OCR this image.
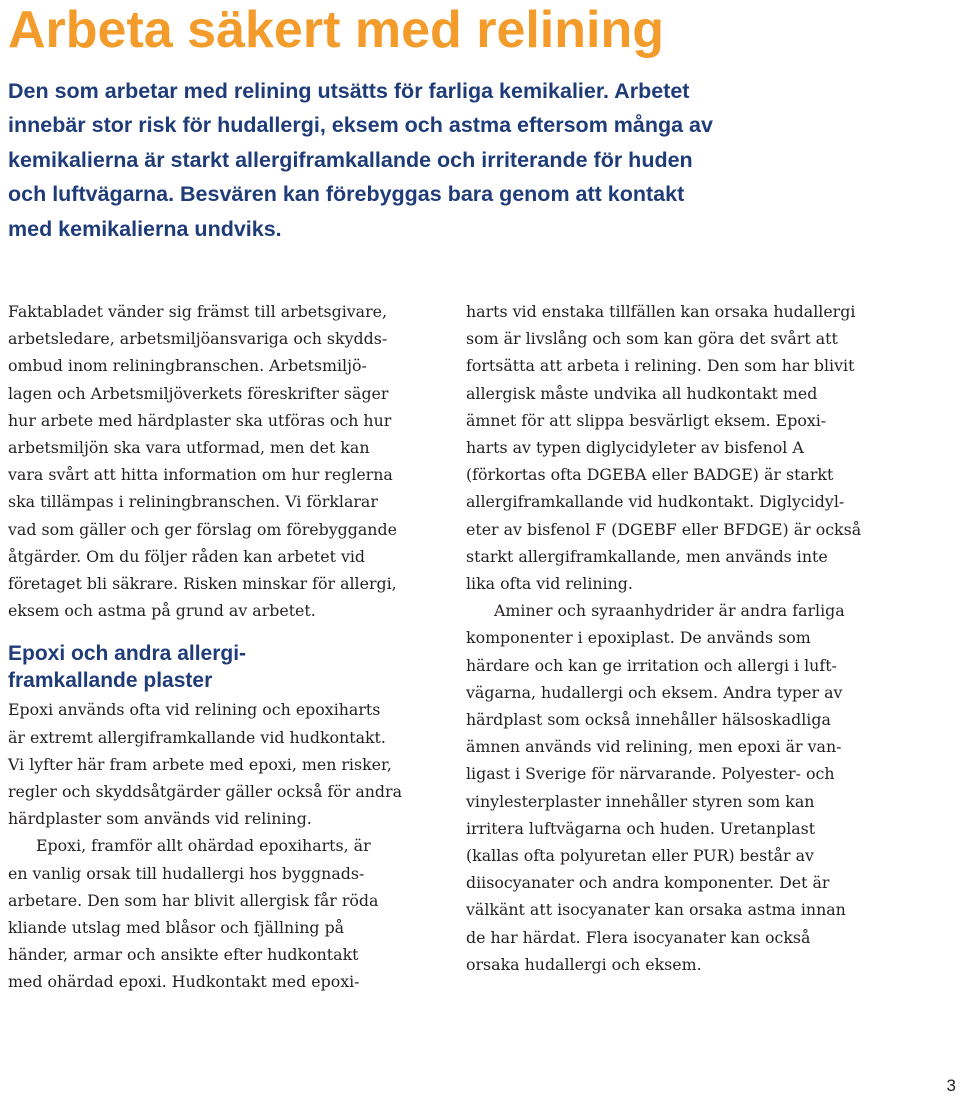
Arbeta säkert med relining

Den som arbetar med relining utsätts för farliga kemikalier. Arbetet
innebär stor risk för hudallergi, eksem och astma eftersom många av
kemikalierna är starkt allergiframkallande och irriterande för huden
och luftvägarna. Besvären kan förebyggas bara genom att kontakt
med kemikalierna undviks.

Faktabladet vänder sig främst till arbetsgivare,
arbetsledare, arbetsmiljöansvariga och skydds-
ombud inom reliningbranschen. Arbetsmiljö-
lagen och Arbetsmiljöverkets föreskrifter säger
hur arbete med härdplaster ska utföras och hur
arbetsmiljön ska vara utformad, men det kan
vara svårt att hitta information om hur reglerna
ska tillämpas i reliningbranschen. Vi förklarar
vad som gäller och ger förslag om förebyggande
åtgärder. Om du följer råden kan arbetet vid
företaget bli säkrare. Risken minskar för allergi,
eksem och astma på grund av arbetet.

Epoxi och andra allergi-
framkallande plaster

Epoxi används ofta vid relining och epoxiharts
är extremt allergiframkallande vid hudkontakt.
Vi lyfter här fram arbete med epoxi, men risker,
regler och skyddsåtgärder gäller också för andra
härdplaster som används vid relining.

Epoxi, framför allt ohärdad epoxiharts, är
en vanlig orsak till hudallergi hos byggnads-
arbetare. Den som har blivit allergisk får röda
kliande utslag med blåsor och fjällning på
händer, armar och ansikte efter hudkontakt
med ohärdad epoxi. Hudkontakt med epoxi-

harts vid enstaka tillfällen kan orsaka hudallergi
som är livslång och som kan göra det svårt att
fortsätta att arbeta i relining. Den som har blivit
allergisk måste undvika all hudkontakt med
ämnet för att slippa besvärligt eksem. Epoxi-
harts av typen diglycidyleter av bisfenol A
(förkortas ofta DGEBA eller BADGE) är starkt
allergiframkallande vid hudkontakt. Diglycidyl-
eter av bisfenol F (DGEBF eller BFDGE) är också
starkt allergiframkallande, men används inte
lika ofta vid relining.

Aminer och syraanhydrider är andra farliga
komponenter i epoxiplast. De används som
härdare och kan ge irritation och allergi i luft-
vägarna, hudallergi och eksem. Andra typer av
härdplast som också innehåller hälsoskadliga
ämnen används vid relining, men epoxi är van-
ligast i Sverige för närvarande. Polyester- och
vinylesterplaster innehåller styren som kan
irritera luftvägarna och huden. Uretanplast
(kallas ofta polyuretan eller PUR) består av
diisocyanater och andra komponenter. Det är
välkänt att isocyanater kan orsaka astma innan
de har härdat. Flera isocyanater kan också
orsaka hudallergi och eksem.

3
